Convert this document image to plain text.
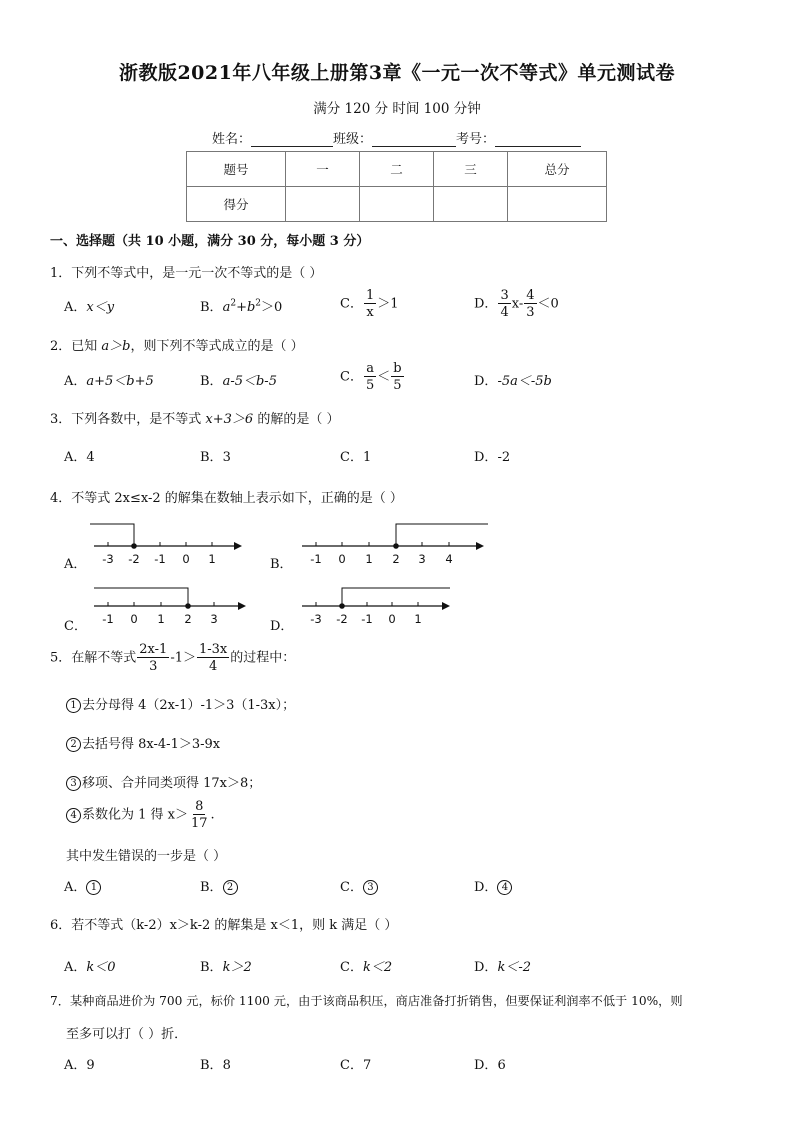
浙教版2021年八年级上册第3章《一元一次不等式》单元测试卷
满分 120 分 时间 100 分钟
姓名：	班级：	考号：
题号	一	二	三	总分
得分				
一、选择题（共 10 小题，满分 30 分，每小题 3 分）
1．下列不等式中，是一元一次不等式的是（ ）
A．x＜y	B．$a^2+b^2>0$	C． $\frac{1}{x} >1$	D． $\frac{3}{4} x- \frac{4}{3} <0$
2．已知 a＞b，则下列不等式成立的是（ ）
A．a+5＜b+5	B．a-5＜b-5	C． $\frac{a}{5} < \frac{b}{5}$	D．-5a＜-5b
3．下列各数中，是不等式 x+3＞6 的解的是（ ）
A．4	B．3	C．1	D．-2
4．不等式 2x≤x-2 的解集在数轴上表示如下，正确的是（ ）
A． -3 -2 -1 0 1	B． -1 0 1 2 3 4
C． -1 0 1 2 3	D． -3 -2 -1 0 1
5．在解不等式 $\frac{2x-1}{3} -1> \frac{1-3x}{4}$ 的过程中：
1 去分母得 4（2x-1）-1＞3（1-3x）；
2 去括号得 8x-4-1＞3-9x
3 移项、合并同类项得 17x＞8；
4 系数化为 1 得 $x> \frac{8}{17}$ .
其中发生错误的一步是（ ）
A． 1	B． 2	C． 3	D． 4
6．若不等式（k-2）x＞k-2 的解集是 x＜1，则 k 满足（ ）
A．k＜0	B．k＞2	C．k＜2	D．k＜-2
7．某种商品进价为 700 元，标价 1100 元，由于该商品积压，商店准备打折销售，但要保证利润率不低于 10%，则
至多可以打（ ）折．
A．9	B．8	C．7	D．6
